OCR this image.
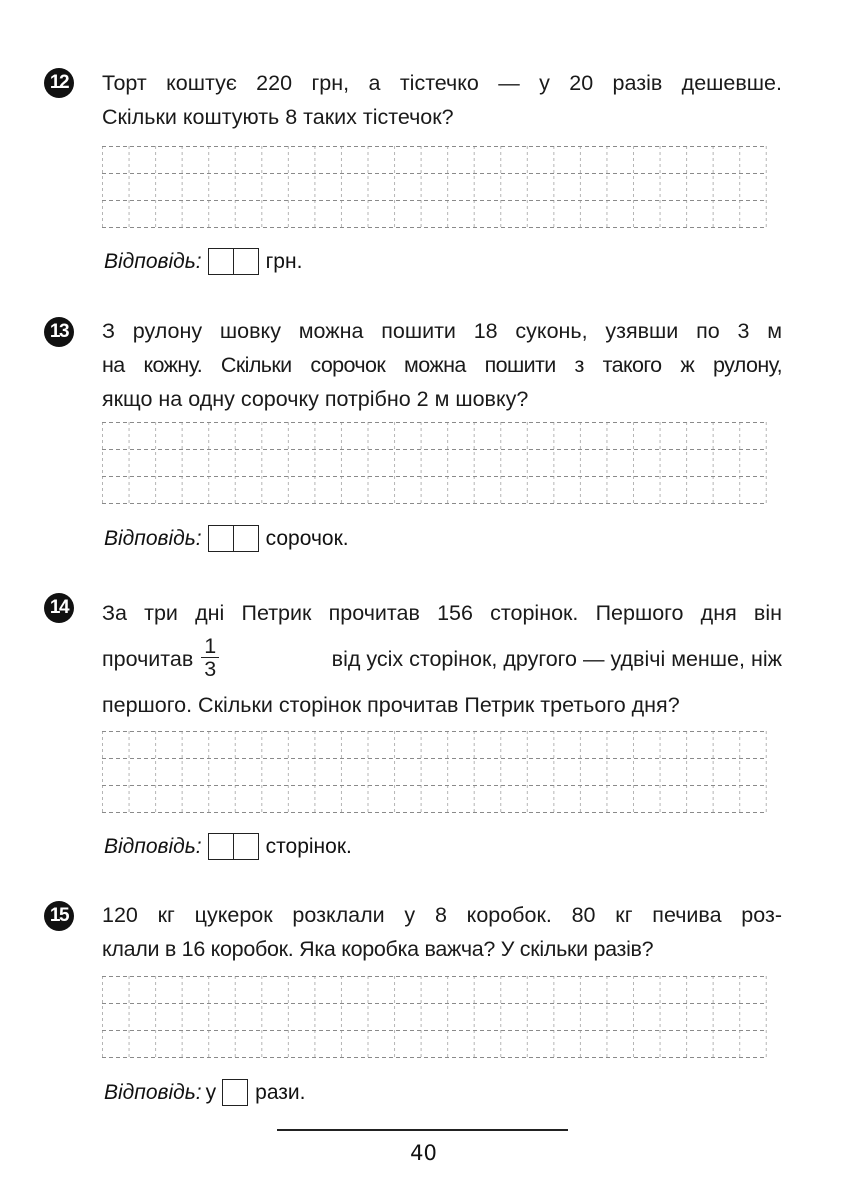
12 Торт коштує 220 грн, а тістечко — у 20 разів дешевше.
Скільки коштують 8 таких тістечок?
Відповідь:	грн.
13 З рулону шовку можна пошити 18 суконь, узявши по 3 м
на кожну. Скільки сорочок можна пошити з такого ж рулону,
якщо на одну сорочку потрібно 2 м шовку?
Відповідь:	сорочок.
14 За три дні Петрик прочитав 156 сторінок. Першого дня він
прочитав $\frac{1}{3}$	від усіх сторінок, другого — удвічі менше, ніж
першого. Скільки сторінок прочитав Петрик третього дня?
Відповідь:	сторінок.
15 120 кг цукерок розклали у 8 коробок. 80 кг печива роз-
клали в 16 коробок. Яка коробка важча? У скільки разів?
Відповідь: у рази.
40
